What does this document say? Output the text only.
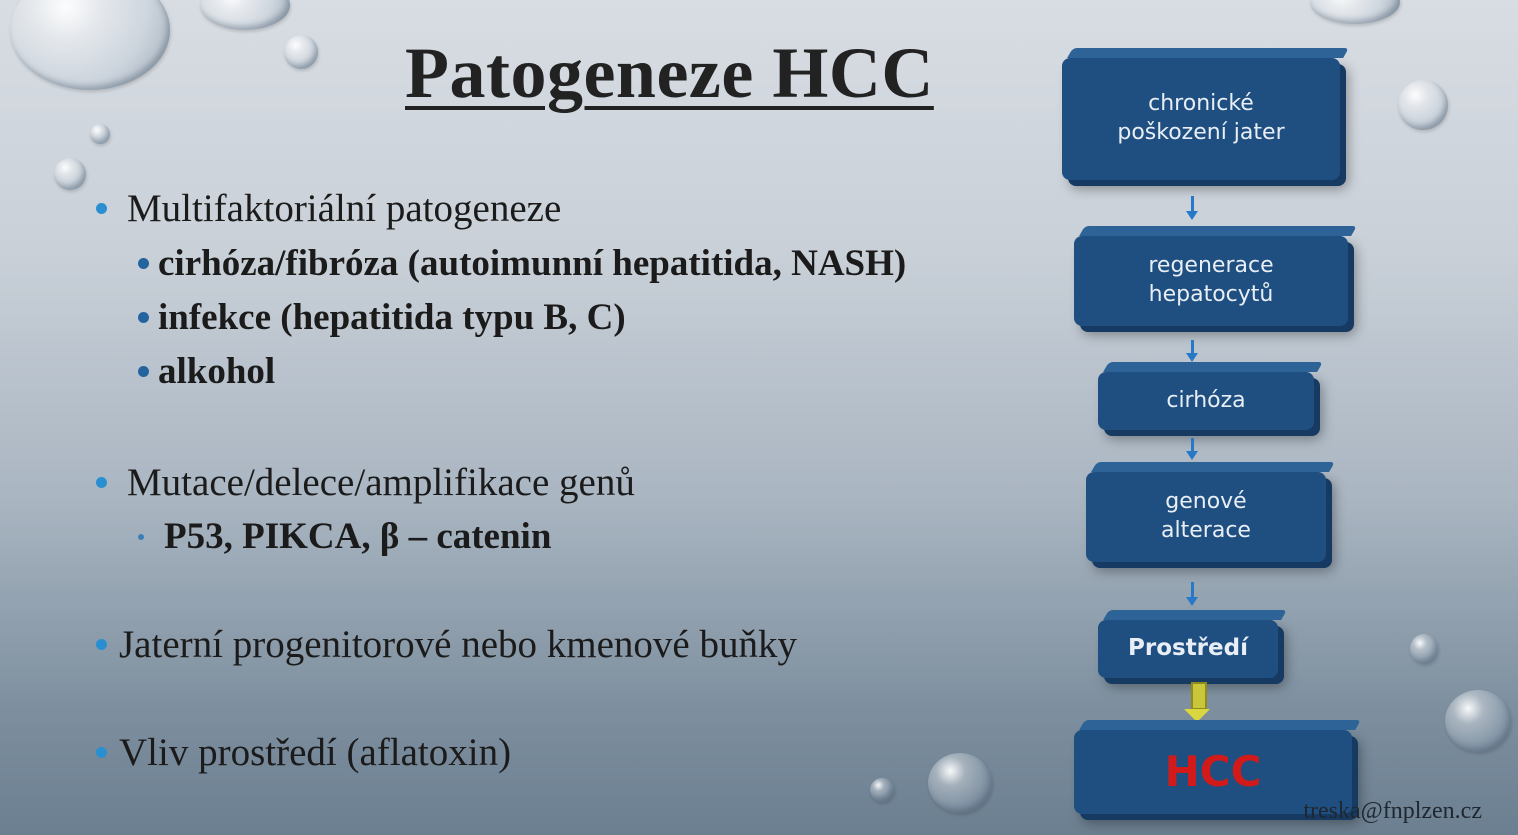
Patogeneze HCC
Multifaktoriální patogeneze
cirhóza/fibróza (autoimunní hepatitida, NASH)
infekce (hepatitida typu B, C)
alkohol
Mutace/delece/amplifikace genů
P53, PIKCA, β – catenin
Jaterní progenitorové nebo kmenové buňky
Vliv prostředí (aflatoxin)
chronické
poškození jater
regenerace
hepatocytů
cirhóza
genové
alterace
Prostředí
HCC
treska@fnplzen.cz
